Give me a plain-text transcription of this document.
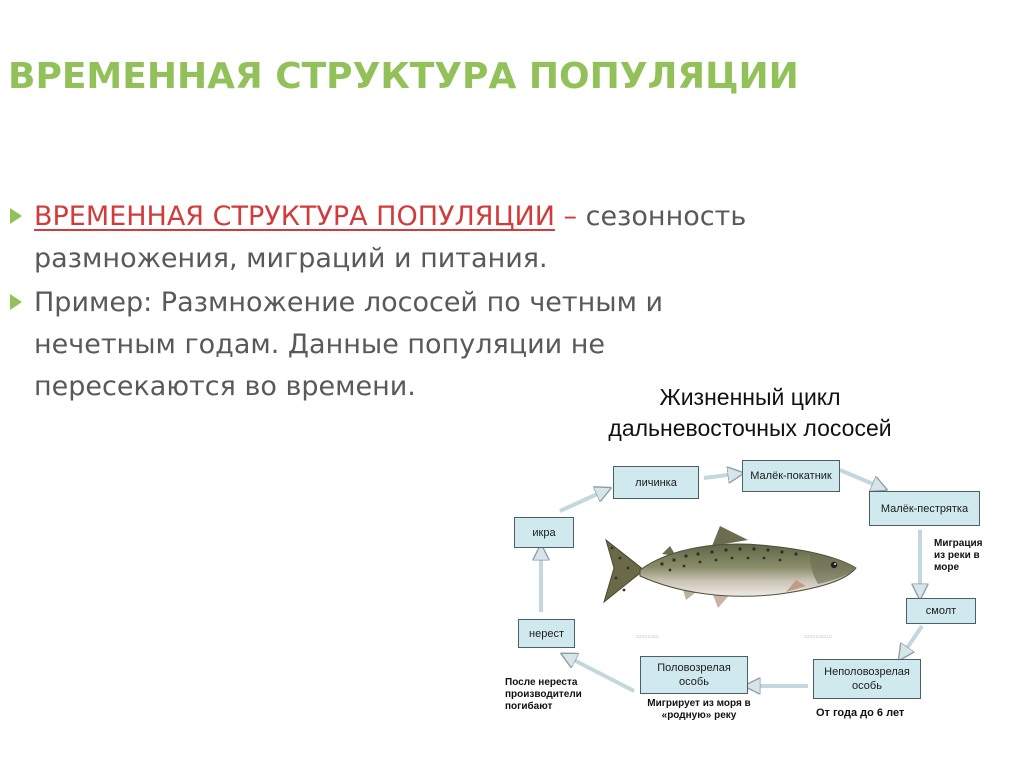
ВРЕМЕННАЯ СТРУКТУРА ПОПУЛЯЦИИ
ВРЕМЕННАЯ СТРУКТУРА ПОПУЛЯЦИИ – сезонность размножения, миграций и питания.
Пример: Размножение лососей по четным и нечетным годам. Данные популяции не пересекаются во времени.	Жизненный цикл
дальневосточных лососей
личинка
Малёк-покатник
Малёк-пестрятка
икра
смолт
нерест
Половозрелая
особь
Неполовозрелая
особь
Миграция
из реки в
море
После нереста
производители
погибают	Мигрирует из моря в
«родную» реку	От года до 6 лет
▭▭▭▭	▭▭▭▭▭
